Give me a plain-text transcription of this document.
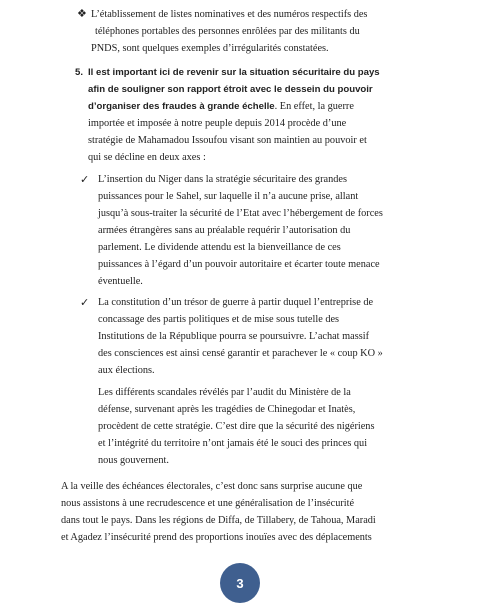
❖ L’établissement de listes nominatives et des numéros respectifs des
téléphones portables des personnes enrôlées par des militants du
PNDS, sont quelques exemples d’irrégularités constatées.
5. Il est important ici de revenir sur la situation sécuritaire du pays
afin de souligner son rapport étroit avec le dessein du pouvoir
d’organiser des fraudes à grande échelle. En effet, la guerre
importée et imposée à notre peuple depuis 2014 procède d’une
stratégie de Mahamadou Issoufou visant son maintien au pouvoir et
qui se décline en deux axes :
✓ L’insertion du Niger dans la stratégie sécuritaire des grandes
puissances pour le Sahel, sur laquelle il n’a aucune prise, allant
jusqu’à sous-traiter la sécurité de l’Etat avec l’hébergement de forces
armées étrangères sans au préalable requérir l’autorisation du
parlement. Le dividende attendu est la bienveillance de ces
puissances à l’égard d’un pouvoir autoritaire et écarter toute menace
éventuelle.
✓ La constitution d’un trésor de guerre à partir duquel l’entreprise de
concassage des partis politiques et de mise sous tutelle des
Institutions de la République pourra se poursuivre. L’achat massif
des consciences est ainsi censé garantir et parachever le « coup KO »
aux élections.
Les différents scandales révélés par l’audit du Ministère de la
défense, survenant après les tragédies de Chinegodar et Inatès,
procèdent de cette stratégie. C’est dire que la sécurité des nigériens
et l’intégrité du territoire n’ont jamais été le souci des princes qui
nous gouvernent.
A la veille des échéances électorales, c’est donc sans surprise aucune que
nous assistons à une recrudescence et une généralisation de l’insécurité
dans tout le pays. Dans les régions de Diffa, de Tillabery, de Tahoua, Maradi
et Agadez l’insécurité prend des proportions inouïes avec des déplacements
3
